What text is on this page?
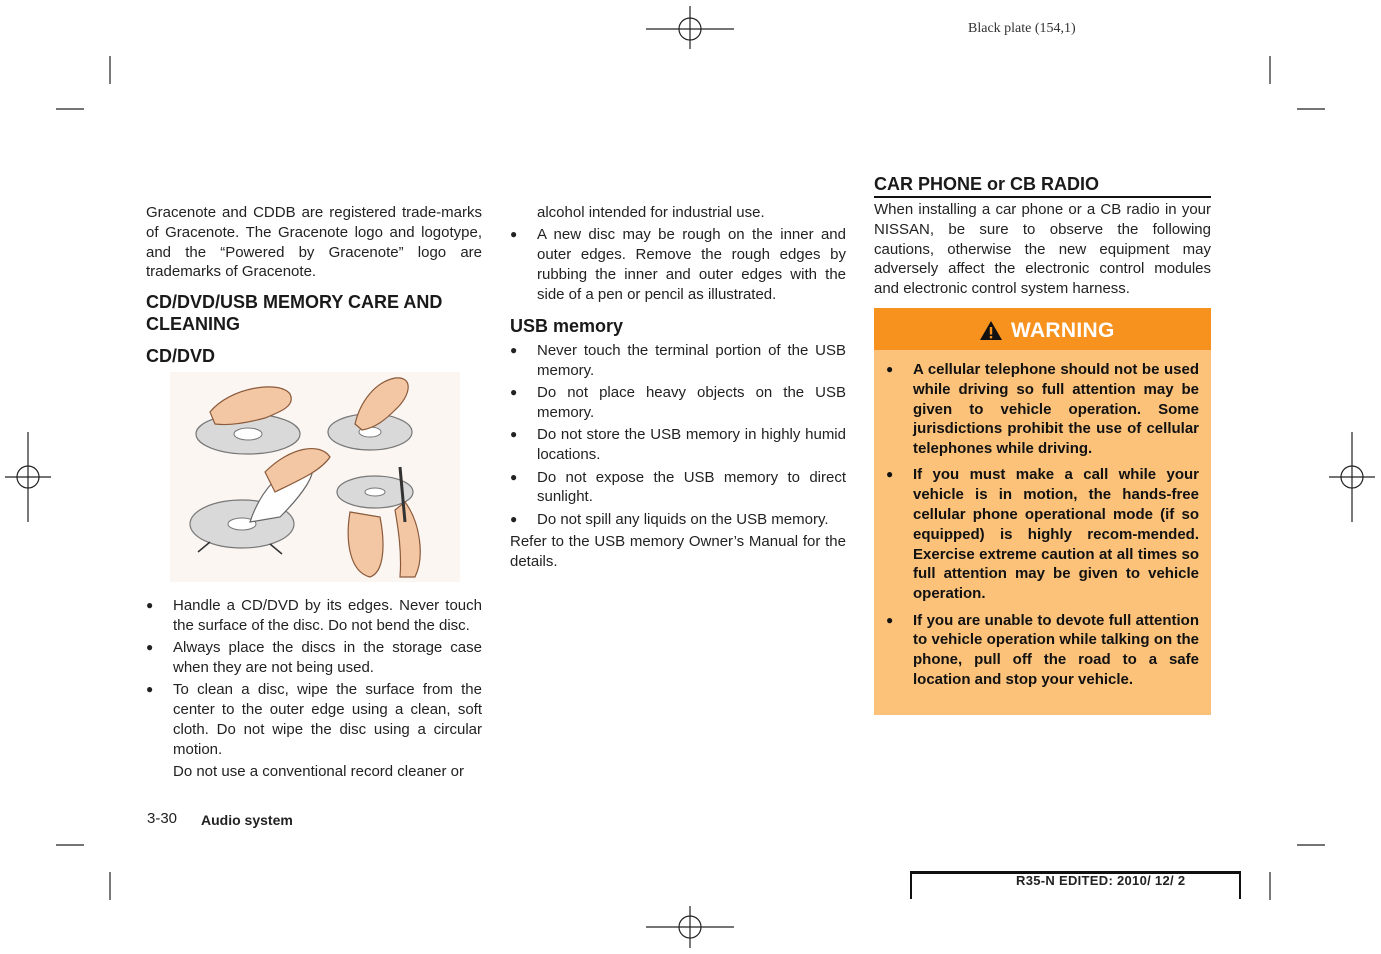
Black plate (154,1)

Gracenote and CDDB are registered trade-marks of Gracenote. The Gracenote logo and logotype, and the “Powered by Gracenote” logo are trademarks of Gracenote.

CD/DVD/USB MEMORY CARE AND CLEANING
CD/DVD
● Handle a CD/DVD by its edges. Never touch the surface of the disc. Do not bend the disc.
● Always place the discs in the storage case when they are not being used.
● To clean a disc, wipe the surface from the center to the outer edge using a clean, soft cloth. Do not wipe the disc using a circular motion.
Do not use a conventional record cleaner or
alcohol intended for industrial use.
● A new disc may be rough on the inner and outer edges. Remove the rough edges by rubbing the inner and outer edges with the side of a pen or pencil as illustrated.
USB memory
● Never touch the terminal portion of the USB memory.
● Do not place heavy objects on the USB memory.
● Do not store the USB memory in highly humid locations.
● Do not expose the USB memory to direct sunlight.
● Do not spill any liquids on the USB memory.

Refer to the USB memory Owner’s Manual for the details.

CAR PHONE or CB RADIO
When installing a car phone or a CB radio in your NISSAN, be sure to observe the following cautions, otherwise the new equipment may adversely affect the electronic control modules and electronic control system harness.
WARNING
● A cellular telephone should not be used while driving so full attention may be given to vehicle operation. Some jurisdictions prohibit the use of cellular telephones while driving.
● If you must make a call while your vehicle is in motion, the hands-free cellular phone operational mode (if so equipped) is highly recom-mended. Exercise extreme caution at all times so full attention may be given to vehicle operation.
● If you are unable to devote full attention to vehicle operation while talking on the phone, pull off the road to a safe location and stop your vehicle.
3-30 Audio system
R35-N EDITED: 2010/ 12/ 2
